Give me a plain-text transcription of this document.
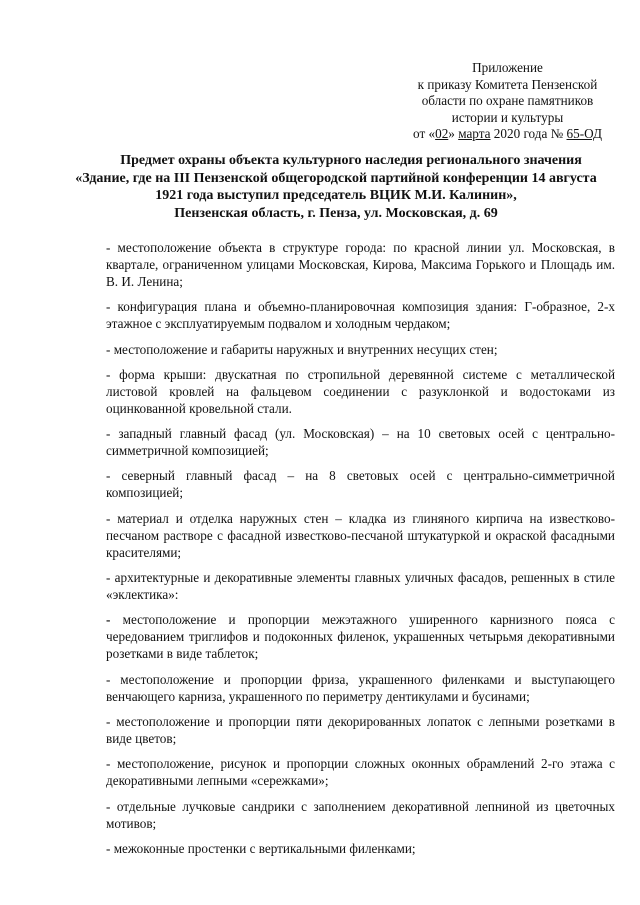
Приложение
к приказу Комитета Пензенской
области по охране памятников
истории и культуры
от «02» марта 2020 года № 65-ОД
Предмет охраны объекта культурного наследия регионального значения
«Здание, где на III Пензенской общегородской партийной конференции 14 августа
1921 года выступил председатель ВЦИК М.И. Калинин»,
Пензенская область, г. Пенза, ул. Московская, д. 69

- местоположение объекта в структуре города: по красной линии ул. Московская, в квартале, ограниченном улицами Московская, Кирова, Максима Горького и Площадь им. В. И. Ленина;

- конфигурация плана и объемно-планировочная композиция здания: Г-образное, 2-х этажное с эксплуатируемым подвалом и холодным чердаком;

- местоположение и габариты наружных и внутренних несущих стен;

- форма крыши: двускатная по стропильной деревянной системе с металлической листовой кровлей на фальцевом соединении с разуклонкой и водостоками из оцинкованной кровельной стали.

- западный главный фасад (ул. Московская) – на 10 световых осей с центрально-симметричной композицией;

- северный главный фасад – на 8 световых осей с центрально-симметричной композицией;

- материал и отделка наружных стен – кладка из глиняного кирпича на известково-песчаном растворе с фасадной известково-песчаной штукатуркой и окраской фасадными красителями;

- архитектурные и декоративные элементы главных уличных фасадов, решенных в стиле «эклектика»:

- местоположение и пропорции межэтажного уширенного карнизного пояса с чередованием триглифов и подоконных филенок, украшенных четырьмя декоративными розетками в виде таблеток;

- местоположение и пропорции фриза, украшенного филенками и выступающего венчающего карниза, украшенного по периметру дентикулами и бусинами;

- местоположение и пропорции пяти декорированных лопаток с лепными розетками в виде цветов;

- местоположение, рисунок и пропорции сложных оконных обрамлений 2-го этажа с декоративными лепными «сережками»;

- отдельные лучковые сандрики с заполнением декоративной лепниной из цветочных мотивов;

- межоконные простенки с вертикальными филенками;
